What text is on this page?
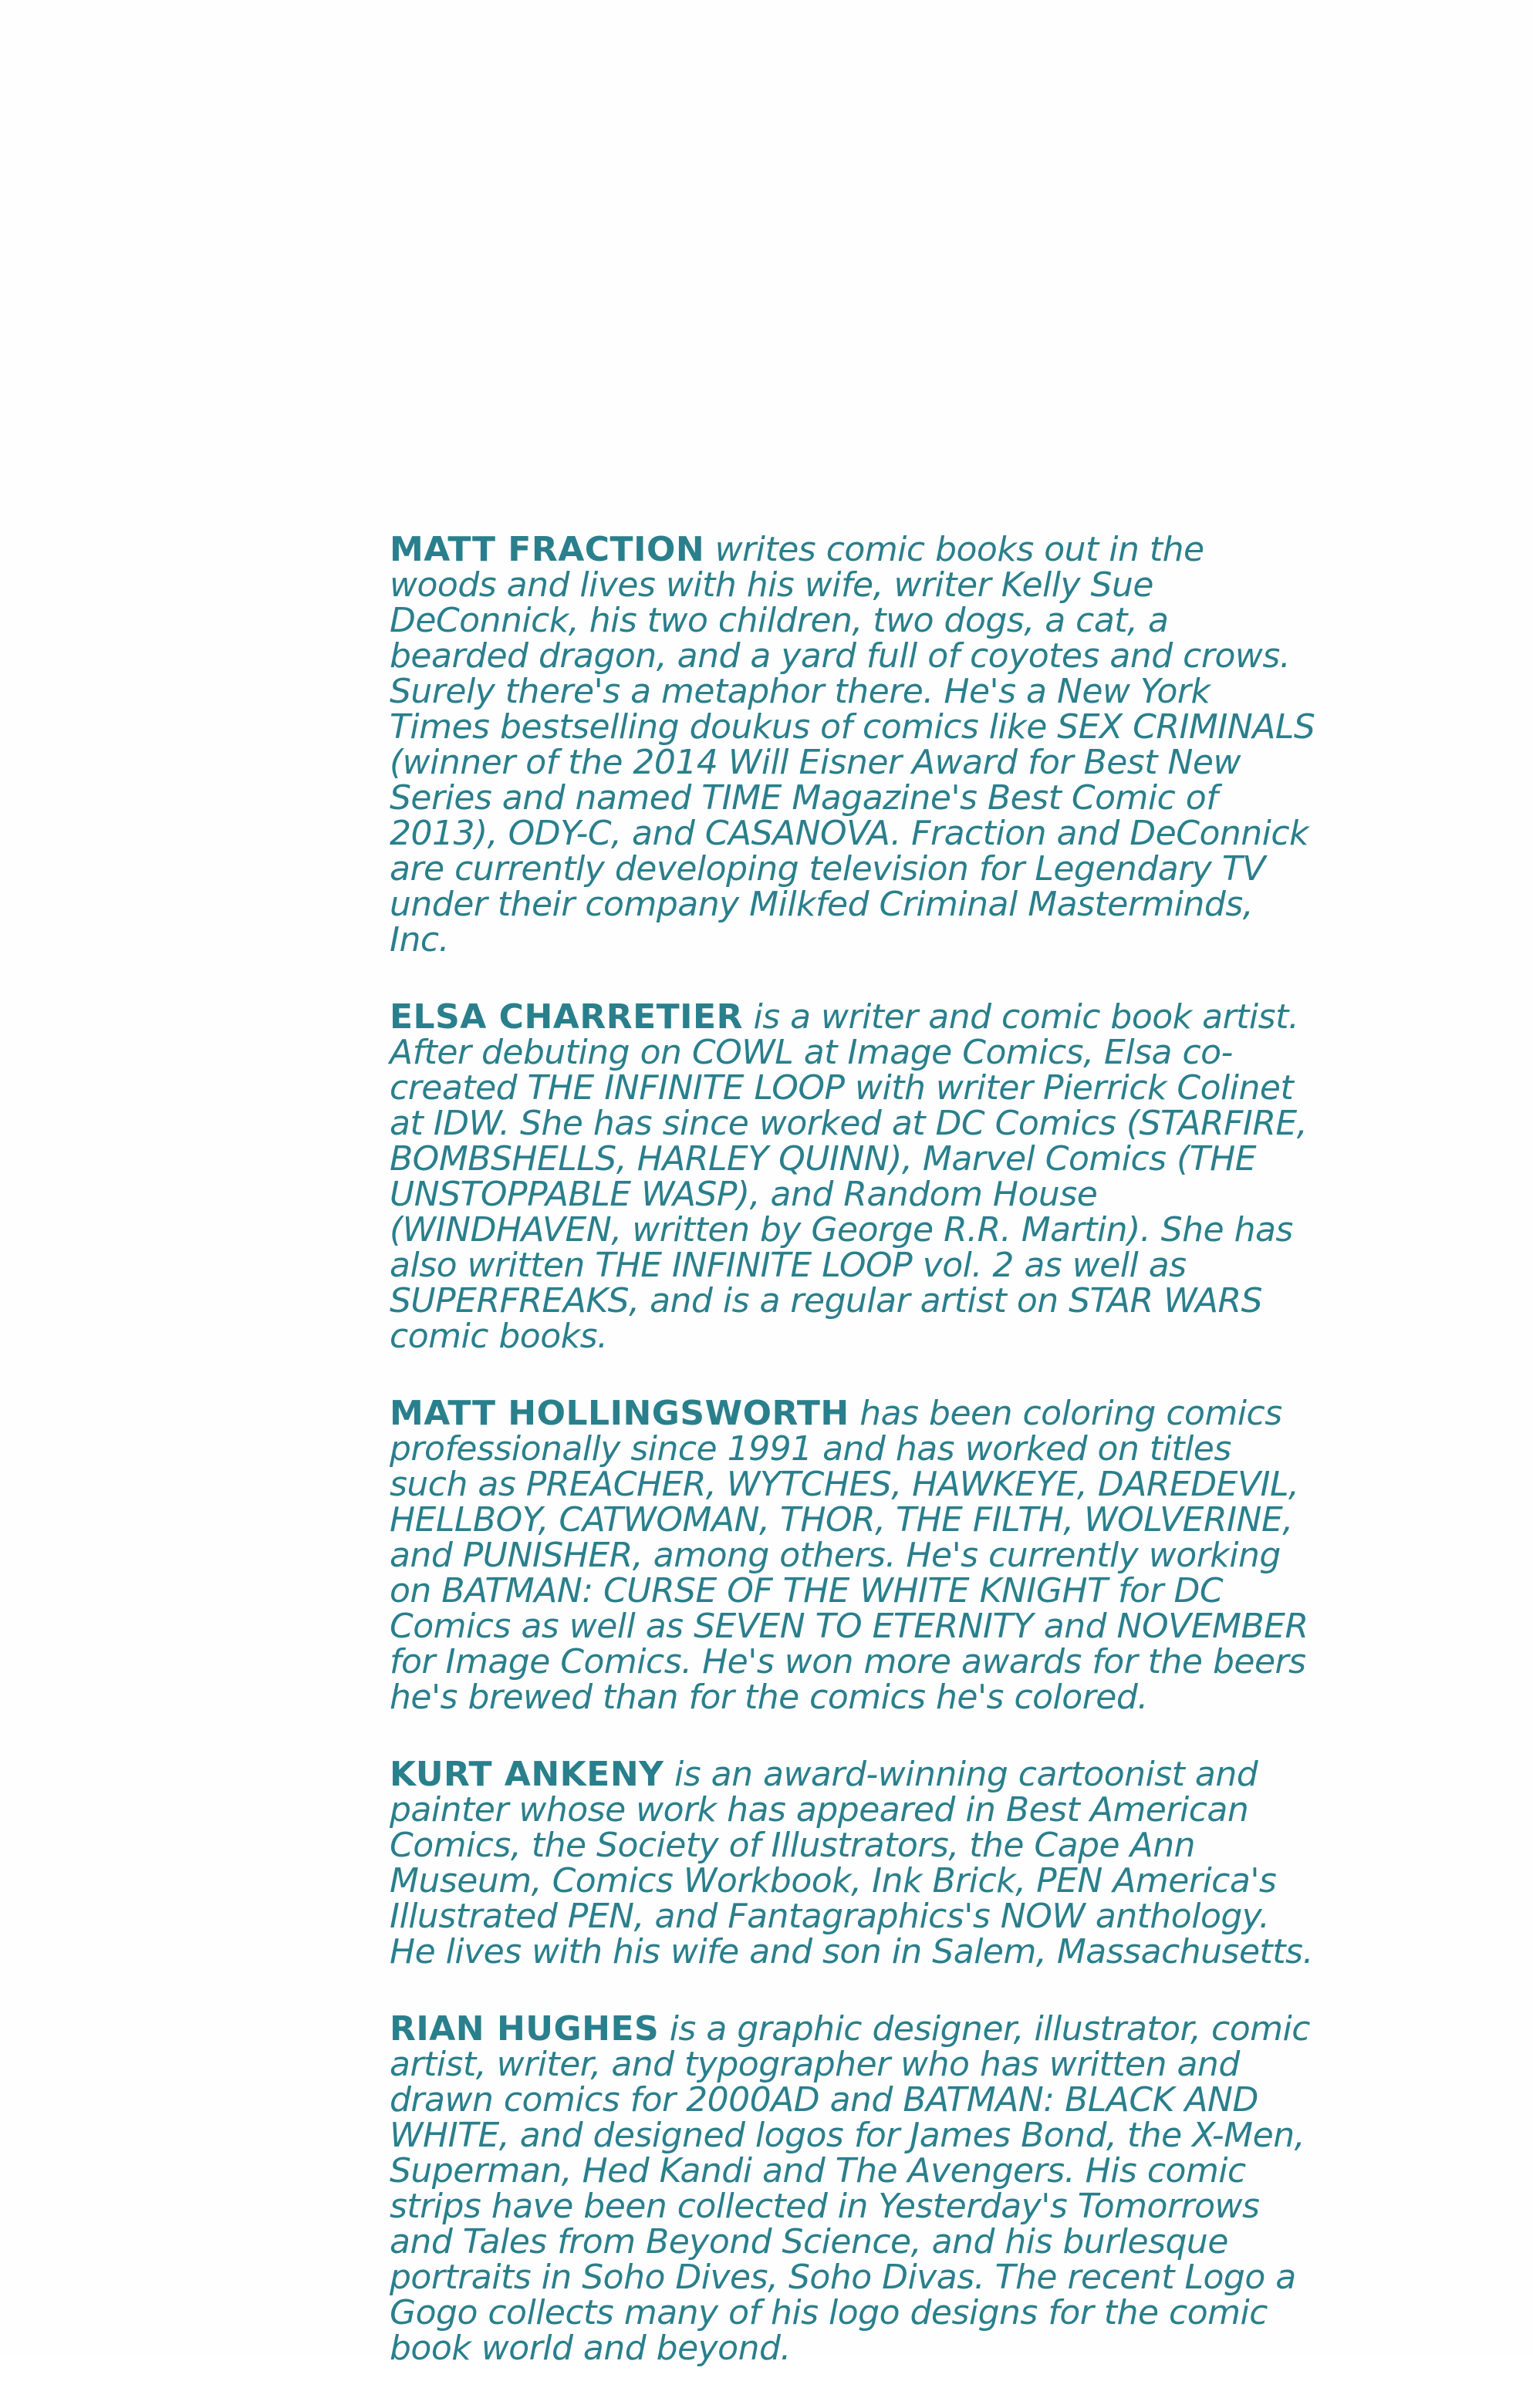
MATT FRACTION writes comic books out in the woods and lives with his wife, writer Kelly Sue DeConnick, his two children, two dogs, a cat, a bearded dragon, and a yard full of coyotes and crows. Surely there's a metaphor there. He's a New York Times bestselling doukus of comics like SEX CRIMINALS (winner of the 2014 Will Eisner Award for Best New Series and named TIME Magazine's Best Comic of 2013), ODY-C, and CASANOVA. Fraction and DeConnick are currently developing television for Legendary TV under their company Milkfed Criminal Masterminds, Inc.

ELSA CHARRETIER is a writer and comic book artist. After debuting on COWL at Image Comics, Elsa co-created THE INFINITE LOOP with writer Pierrick Colinet at IDW. She has since worked at DC Comics (STARFIRE, BOMBSHELLS, HARLEY QUINN), Marvel Comics (THE UNSTOPPABLE WASP), and Random House (WINDHAVEN, written by George R.R. Martin). She has also written THE INFINITE LOOP vol. 2 as well as SUPERFREAKS, and is a regular artist on STAR WARS comic books.

MATT HOLLINGSWORTH has been coloring comics professionally since 1991 and has worked on titles such as PREACHER, WYTCHES, HAWKEYE, DAREDEVIL, HELLBOY, CATWOMAN, THOR, THE FILTH, WOLVERINE, and PUNISHER, among others. He's currently working on BATMAN: CURSE OF THE WHITE KNIGHT for DC Comics as well as SEVEN TO ETERNITY and NOVEMBER for Image Comics. He's won more awards for the beers he's brewed than for the comics he's colored.

KURT ANKENY is an award-winning cartoonist and painter whose work has appeared in Best American Comics, the Society of Illustrators, the Cape Ann Museum, Comics Workbook, Ink Brick, PEN America's Illustrated PEN, and Fantagraphics's NOW anthology. He lives with his wife and son in Salem, Massachusetts.

RIAN HUGHES is a graphic designer, illustrator, comic artist, writer, and typographer who has written and drawn comics for 2000AD and BATMAN: BLACK AND WHITE, and designed logos for James Bond, the X-Men, Superman, Hed Kandi and The Avengers. His comic strips have been collected in Yesterday's Tomorrows and Tales from Beyond Science, and his burlesque portraits in Soho Dives, Soho Divas. The recent Logo a Gogo collects many of his logo designs for the comic book world and beyond.
